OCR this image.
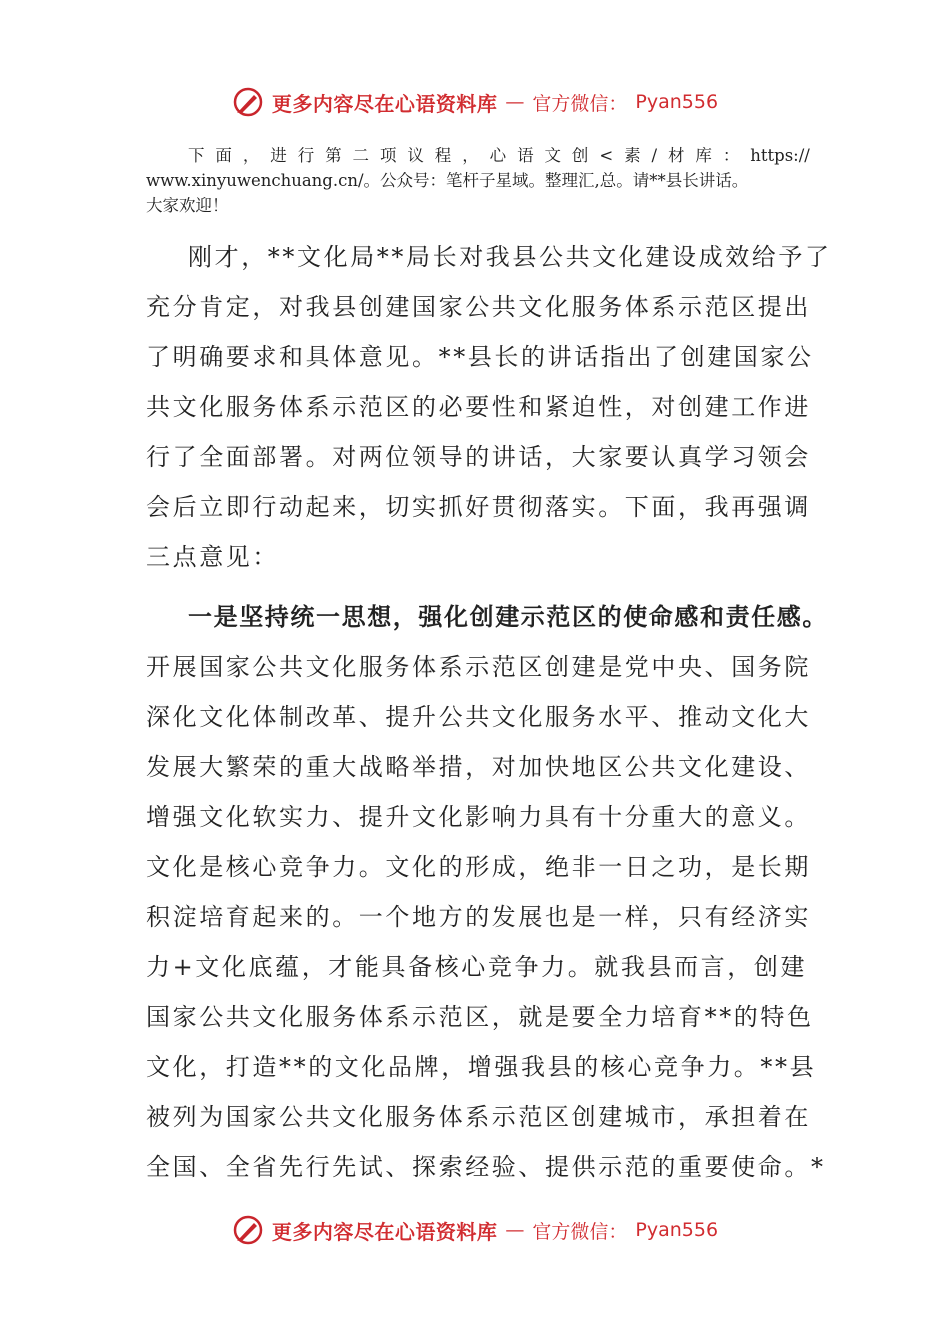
更多内容尽在心语资料库 — 官方微信： Pyan556
下 面 ， 进 行 第 二 项 议 程 ， 心 语 文 创 < 素 / 材 库 ： https://
www.xinyuwenchuang.cn/。公众号：笔杆子星域。整理汇,总。请**县长讲话。
大家欢迎！
刚才，**文化局**局长对我县公共文化建设成效给予了
充分肯定，对我县创建国家公共文化服务体系示范区提出
了明确要求和具体意见。**县长的讲话指出了创建国家公
共文化服务体系示范区的必要性和紧迫性，对创建工作进
行了全面部署。对两位领导的讲话，大家要认真学习领会
会后立即行动起来，切实抓好贯彻落实。下面，我再强调
三点意见：
一是坚持统一思想，强化创建示范区的使命感和责任感。
开展国家公共文化服务体系示范区创建是党中央、国务院
深化文化体制改革、提升公共文化服务水平、推动文化大
发展大繁荣的重大战略举措，对加快地区公共文化建设、
增强文化软实力、提升文化影响力具有十分重大的意义。
文化是核心竞争力。文化的形成，绝非一日之功，是长期
积淀培育起来的。一个地方的发展也是一样，只有经济实
力+文化底蕴，才能具备核心竞争力。就我县而言，创建
国家公共文化服务体系示范区，就是要全力培育**的特色
文化，打造**的文化品牌，增强我县的核心竞争力。**县
被列为国家公共文化服务体系示范区创建城市，承担着在
全国、全省先行先试、探索经验、提供示范的重要使命。*
更多内容尽在心语资料库 — 官方微信： Pyan556
